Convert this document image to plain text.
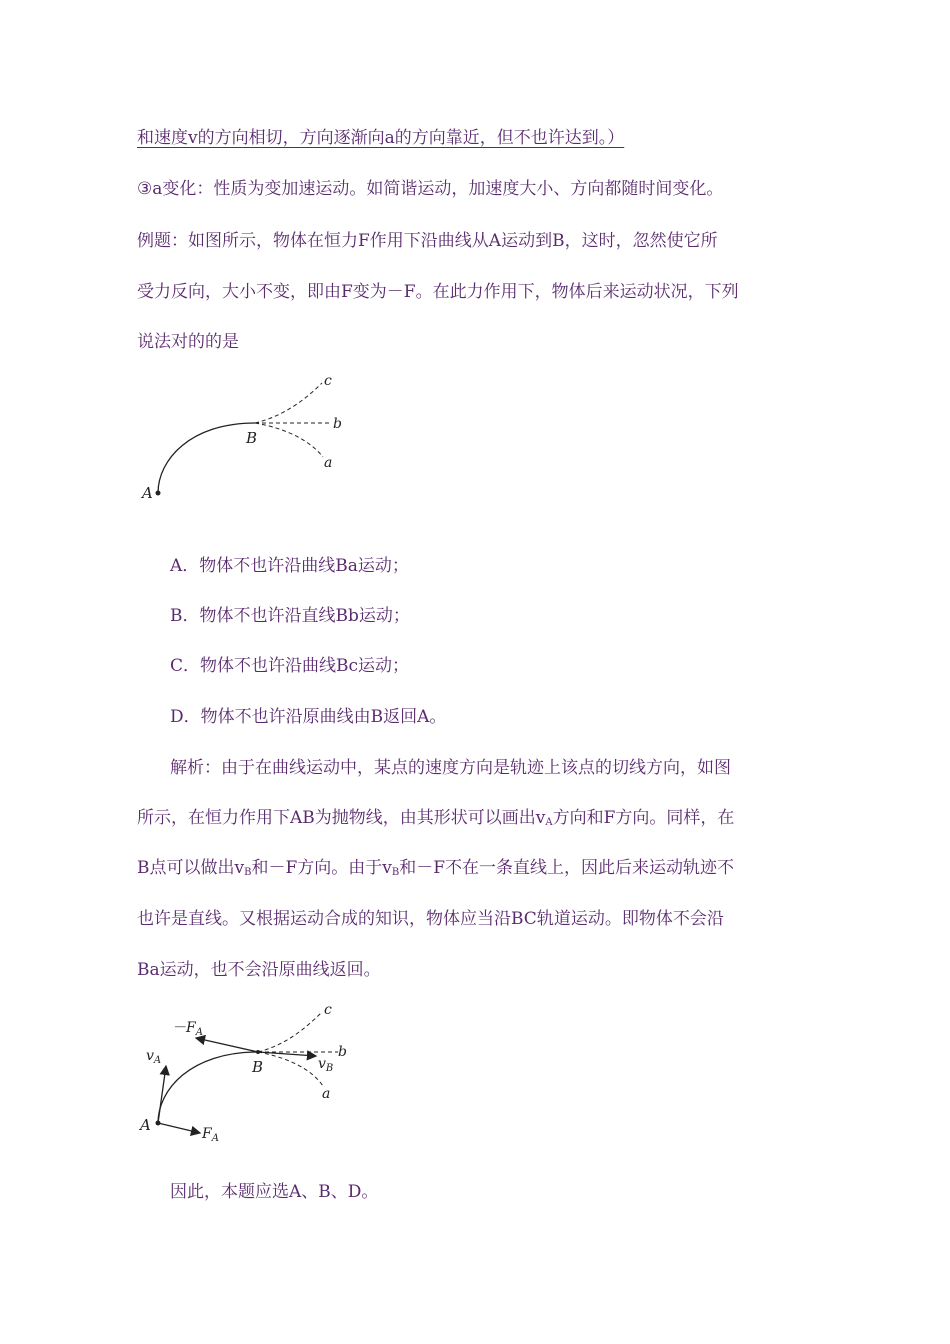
和速度v的方向相切，方向逐渐向a的方向靠近，但不也许达到。）
③a变化：性质为变加速运动。如简谐运动，加速度大小、方向都随时间变化。
例题：如图所示，物体在恒力F作用下沿曲线从A运动到B，这时，忽然使它所
受力反向，大小不变，即由F变为－F。在此力作用下，物体后来运动状况，下列
说法对的的是
A
B
c
b
a
A．物体不也许沿曲线Ba运动；
B．物体不也许沿直线Bb运动；
C．物体不也许沿曲线Bc运动；
D．物体不也许沿原曲线由B返回A。
解析：由于在曲线运动中，某点的速度方向是轨迹上该点的切线方向，如图
所示，在恒力作用下AB为抛物线，由其形状可以画出$v_A$方向和F方向。同样，在
B点可以做出$v_B$和－F方向。由于$v_B$和－F不在一条直线上，因此后来运动轨迹不
也许是直线。又根据运动合成的知识，物体应当沿BC轨道运动。即物体不会沿
Ba运动，也不会沿原曲线返回。
$-F_A$
$v_A$
A	$F_A$
B	$v_B$
c
b
a
因此，本题应选A、B、D。
